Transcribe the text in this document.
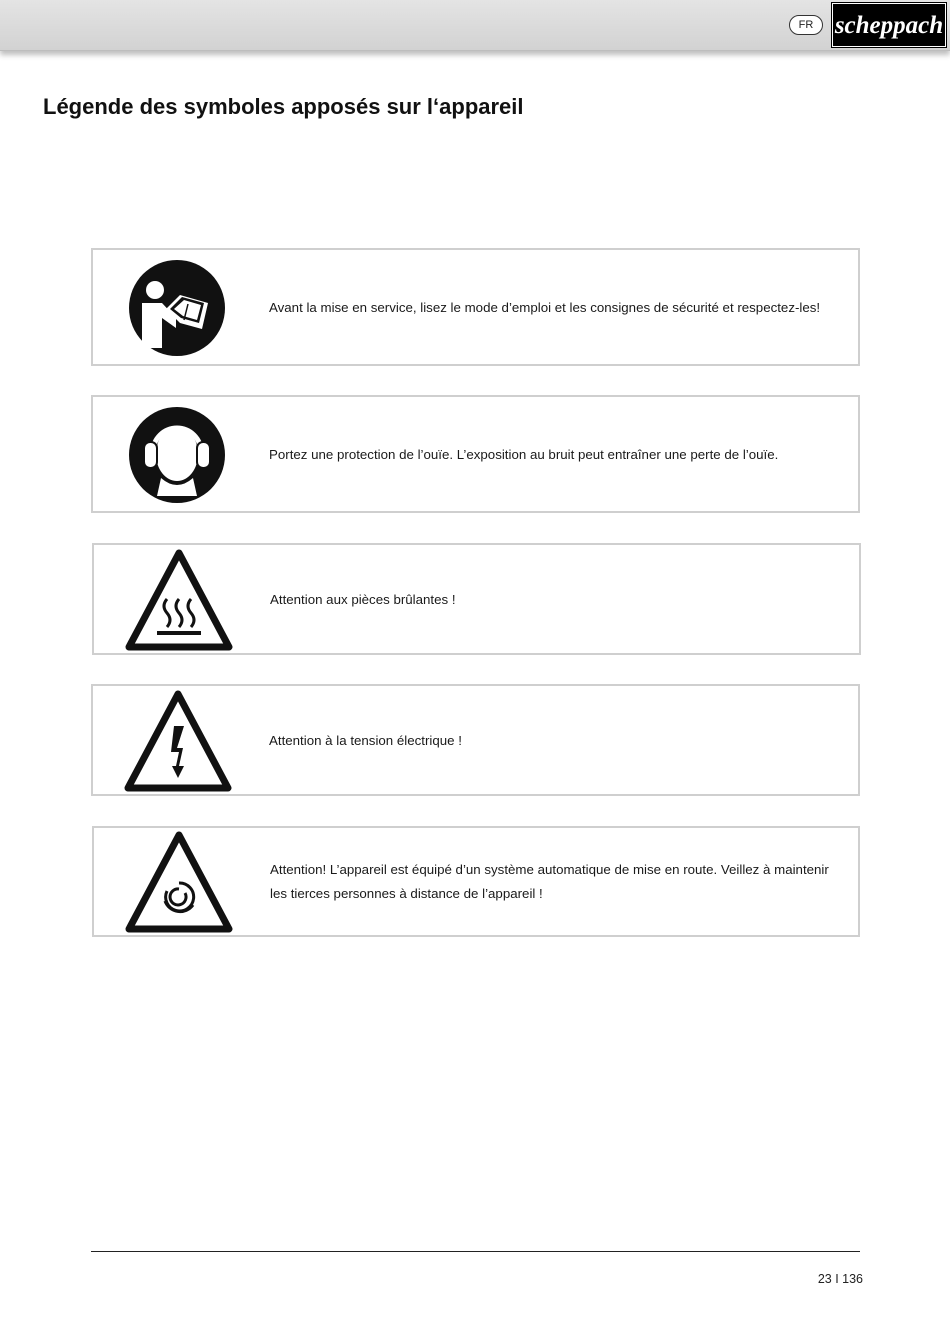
FR scheppach
Légende des symboles apposés sur l‘appareil
Avant la mise en service, lisez le mode d’emploi et les consignes de sécurité et respectez-les!
Portez une protection de l’ouïe. L’exposition au bruit peut entraîner une perte de l’ouïe.
Attention aux pièces brûlantes !
Attention à la tension électrique !
Attention! L’appareil est équipé d’un système automatique de mise en route. Veillez à maintenir les tierces personnes à distance de l’appareil !
23 I 136
